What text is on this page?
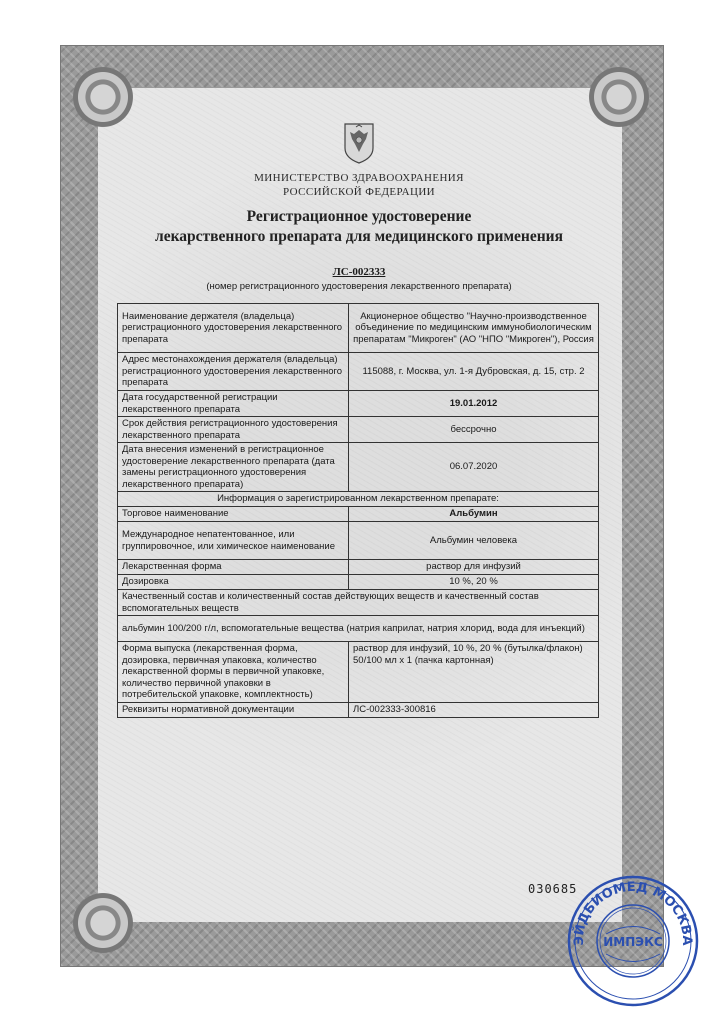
МИНИСТЕРСТВО ЗДРАВООХРАНЕНИЯ
РОССИЙСКОЙ ФЕДЕРАЦИИ
Регистрационное удостоверение
лекарственного препарата для медицинского применения
ЛС-002333
(номер регистрационного удостоверения лекарственного препарата)
Наименование держателя (владельца) регистрационного удостоверения лекарственного препарата	Акционерное общество "Научно-производственное объединение по медицинским иммунобиологическим препаратам "Микроген" (АО "НПО "Микроген"), Россия
Адрес местонахождения держателя (владельца) регистрационного удостоверения лекарственного препарата	115088, г. Москва, ул. 1-я Дубровская, д. 15, стр. 2
Дата государственной регистрации лекарственного препарата	19.01.2012
Срок действия регистрационного удостоверения лекарственного препарата	бессрочно
Дата внесения изменений в регистрационное удостоверение лекарственного препарата (дата замены регистрационного удостоверения лекарственного препарата)	06.07.2020
Информация о зарегистрированном лекарственном препарате:	
Торговое наименование	Альбумин
Международное непатентованное, или группировочное, или химическое наименование	Альбумин человека
Лекарственная форма	раствор для инфузий
Дозировка	10 %, 20 %
Качественный состав и количественный состав действующих веществ и качественный состав вспомогательных веществ	
альбумин 100/200 г/л, вспомогательные вещества (натрия каприлат, натрия хлорид, вода для инъекций)	
Форма выпуска (лекарственная форма, дозировка, первичная упаковка, количество лекарственной формы в первичной упаковке, количество первичной упаковки в потребительской упаковке, комплектность)	раствор для инфузий, 10 %, 20 % (бутылка/флакон) 50/100 мл х 1 (пачка картонная)
Реквизиты нормативной документации	ЛС-002333-300816
030685
ЭЙДБИОМЕД МОСКВА
ИМПЭКС
